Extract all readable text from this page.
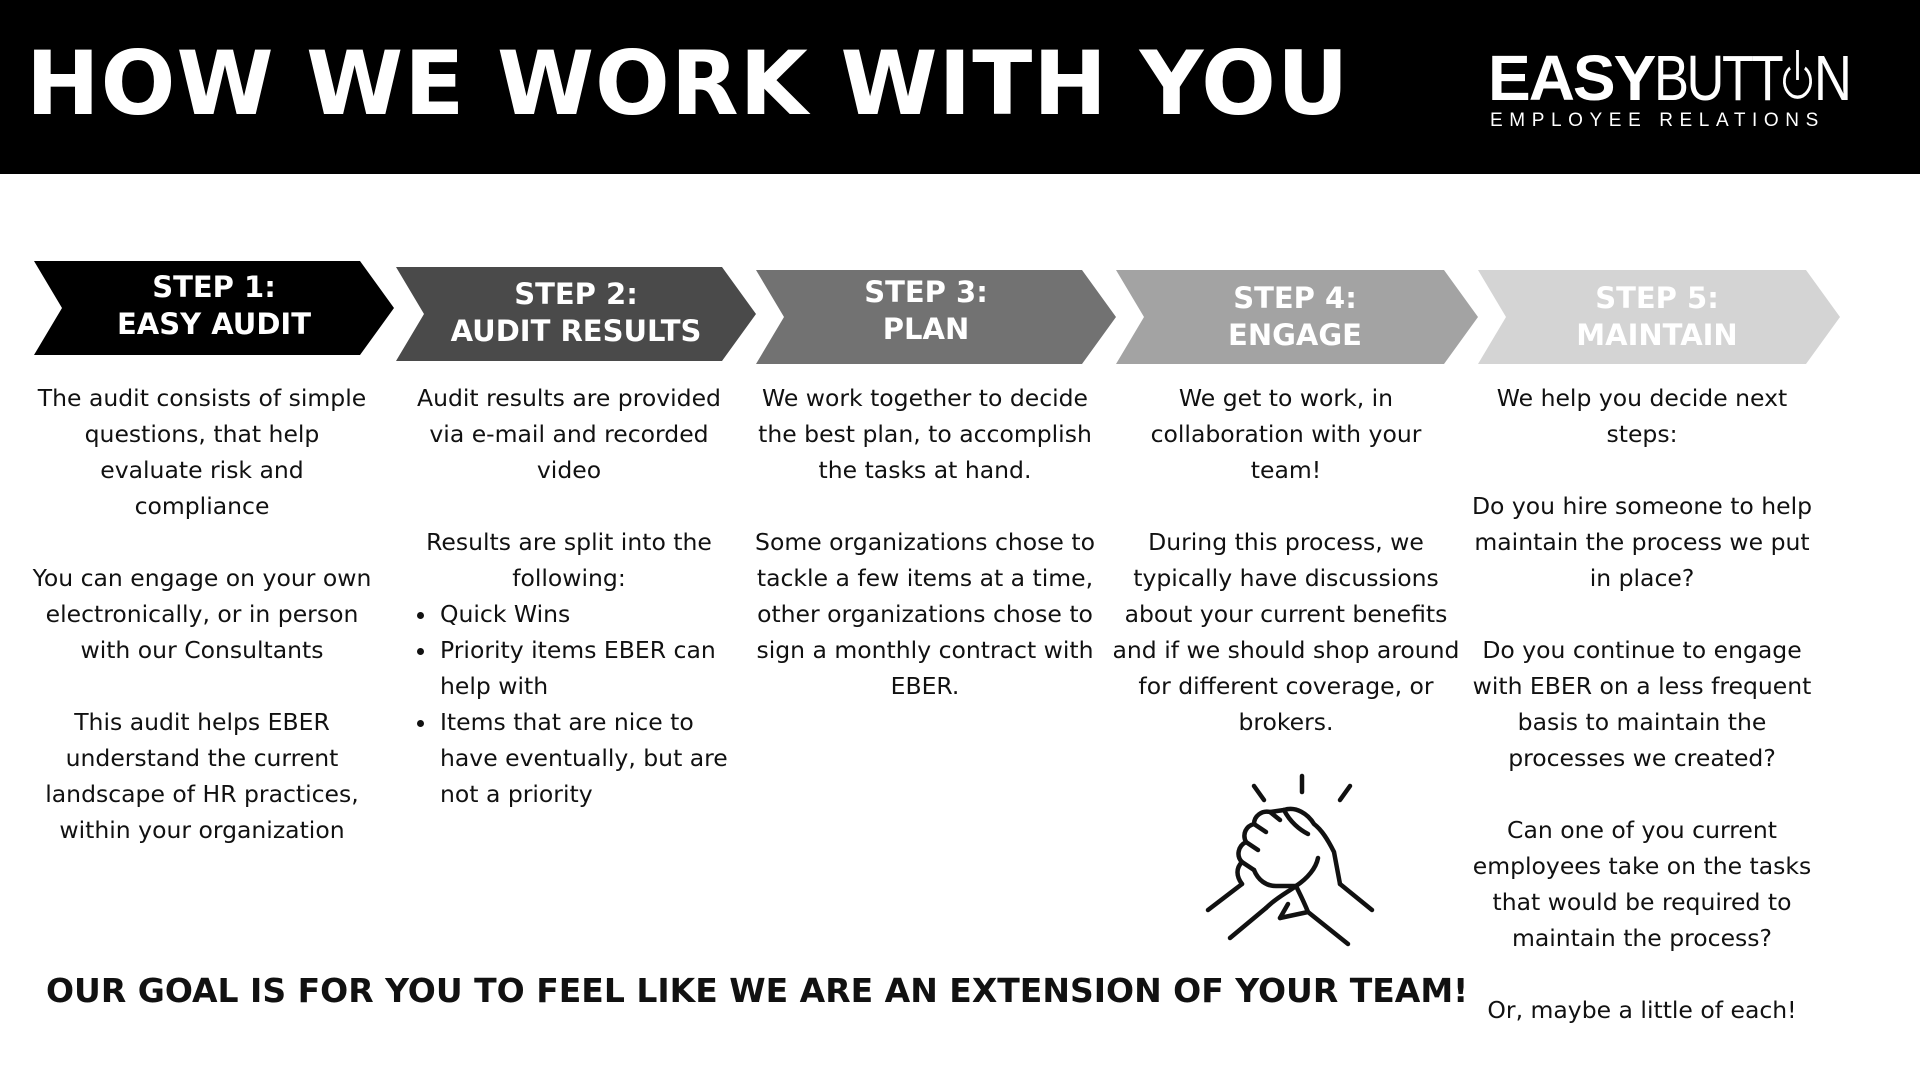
HOW WE WORK WITH YOU EASYBUTT N
EMPLOYEE RELATIONS
STEP 1:
EASY AUDIT
STEP 2:
AUDIT RESULTS
STEP 3:
PLAN
STEP 4:
ENGAGE
STEP 5:
MAINTAIN

The audit consists of simple questions, that help evaluate risk and compliance

You can engage on your own electronically, or in person with our Consultants

This audit helps EBER understand the current landscape of HR practices, within your organization

Audit results are provided via e-mail and recorded video

Results are split into the following:

• Quick Wins
• Priority items EBER can help with
• Items that are nice to have eventually, but are not a priority

We work together to decide the best plan, to accomplish the tasks at hand.

Some organizations chose to tackle a few items at a time, other organizations chose to sign a monthly contract with EBER.

We get to work, in collaboration with your team!

During this process, we typically have discussions about your current benefits and if we should shop around for different coverage, or brokers.

We help you decide next steps:

Do you hire someone to help maintain the process we put in place?

Do you continue to engage with EBER on a less frequent basis to maintain the processes we created?

Can one of you current employees take on the tasks that would be required to maintain the process?

Or, maybe a little of each!

OUR GOAL IS FOR YOU TO FEEL LIKE WE ARE AN EXTENSION OF YOUR TEAM!
